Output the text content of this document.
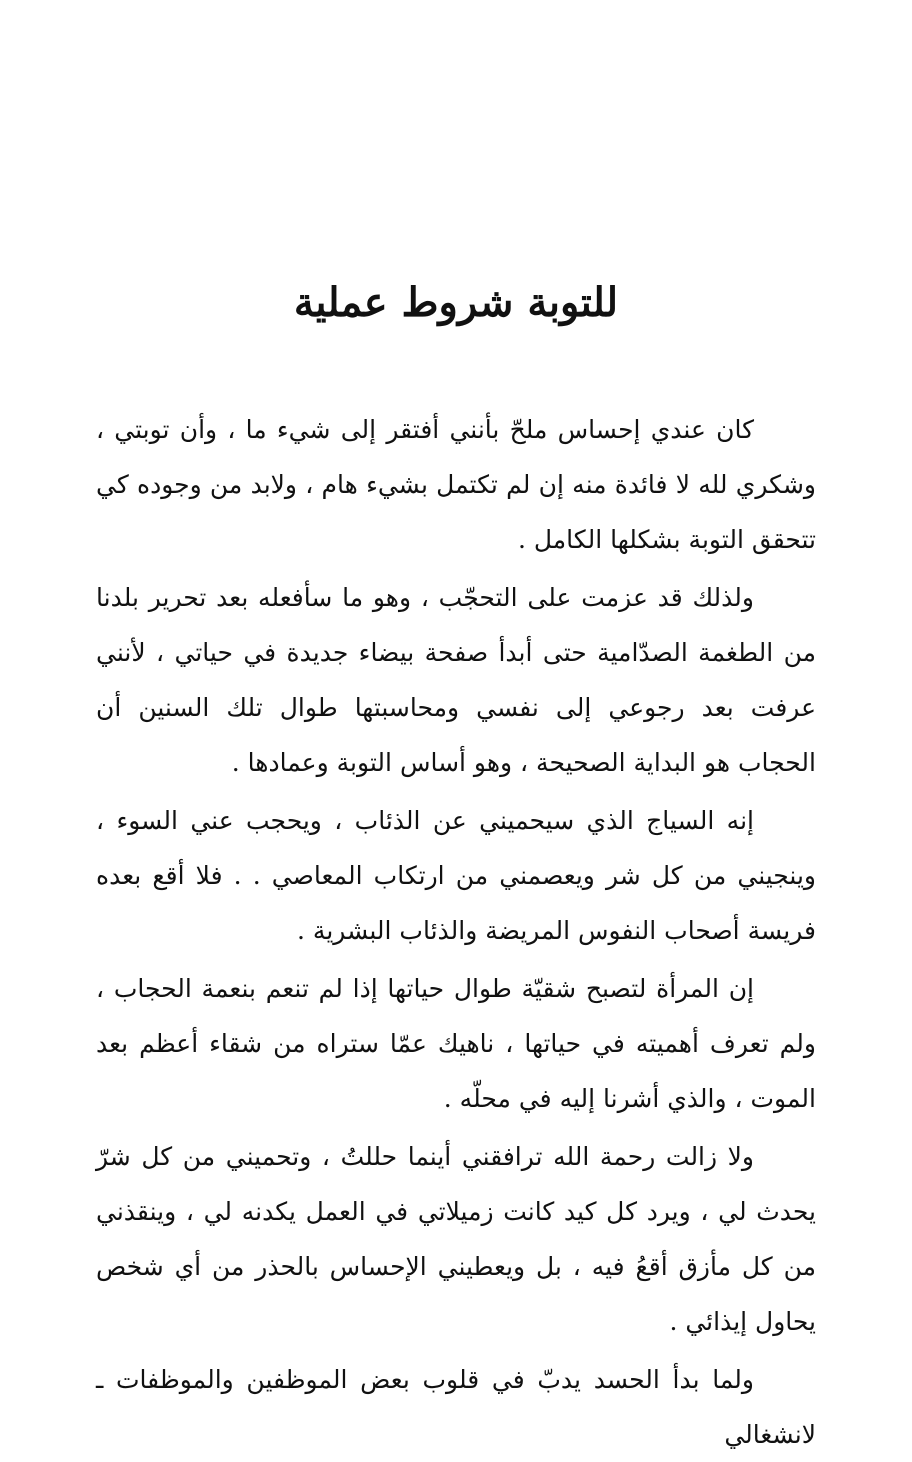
للتوبة شروط عملية

كان عندي إحساس ملحّ بأنني أفتقر إلى شيء ما ، وأن توبتي ، وشكري لله لا فائدة منه إن لم تكتمل بشيء هام ، ولابد من وجوده كي تتحقق التوبة بشكلها الكامل .

ولذلك قد عزمت على التحجّب ، وهو ما سأفعله بعد تحرير بلدنا من الطغمة الصدّامية حتى أبدأ صفحة بيضاء جديدة في حياتي ، لأنني عرفت بعد رجوعي إلى نفسي ومحاسبتها طوال تلك السنين أن الحجاب هو البداية الصحيحة ، وهو أساس التوبة وعمادها .

إنه السياج الذي سيحميني عن الذئاب ، ويحجب عني السوء ، وينجيني من كل شر ويعصمني من ارتكاب المعاصي . . فلا أقع بعده فريسة أصحاب النفوس المريضة والذئاب البشرية .

إن المرأة لتصبح شقيّة طوال حياتها إذا لم تنعم بنعمة الحجاب ، ولم تعرف أهميته في حياتها ، ناهيك عمّا ستراه من شقاء أعظم بعد الموت ، والذي أشرنا إليه في محلّه .

ولا زالت رحمة الله ترافقني أينما حللتُ ، وتحميني من كل شرّ يحدث لي ، ويرد كل كيد كانت زميلاتي في العمل يكدنه لي ، وينقذني من كل مأزق أقعُ فيه ، بل ويعطيني الإحساس بالحذر من أي شخص يحاول إيذائي .

ولما بدأ الحسد يدبّ في قلوب بعض الموظفين والموظفات ـ لانشغالي
